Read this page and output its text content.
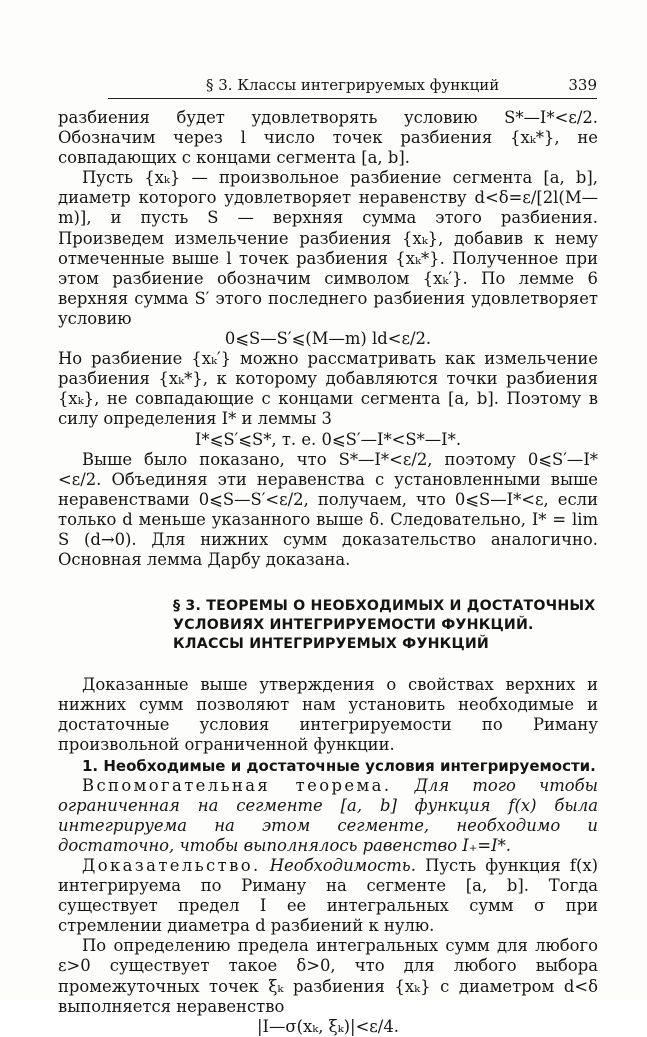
§ 3. Классы интегрируемых функций	339

разбиения будет удовлетворять условию S*—I*<ε/2. Обозначим через l число точек разбиения {xₖ*}, не совпадающих с концами сегмента [a, b].

Пусть {xₖ} — произвольное разбиение сегмента [a, b], диаметр которого удовлетворяет неравенству d<δ=ε/[2l(M—m)], и пусть S — верхняя сумма этого разбиения. Произведем измельчение разбиения {xₖ}, добавив к нему отмеченные выше l точек разбиения {xₖ*}. Полученное при этом разбиение обозначим символом {xₖ′}. По лемме 6 верхняя сумма S′ этого последнего разбиения удовлетворяет условию

0⩽S—S′⩽(M—m) ld<ε/2.

Но разбиение {xₖ′} можно рассматривать как измельчение разбиения {xₖ*}, к которому добавляются точки разбиения {xₖ}, не совпадающие с концами сегмента [a, b]. Поэтому в силу определения I* и леммы 3

I*⩽S′⩽S*, т. е. 0⩽S′—I*<S*—I*.

Выше было показано, что S*—I*<ε/2, поэтому 0⩽S′—I*<ε/2. Объединяя эти неравенства с установленными выше неравенствами 0⩽S—S′<ε/2, получаем, что 0⩽S—I*<ε, если только d меньше указанного выше δ. Следовательно, I* = lim S (d→0). Для нижних сумм доказательство аналогично. Основная лемма Дарбу доказана.

§ 3. ТЕОРЕМЫ О НЕОБХОДИМЫХ И ДОСТАТОЧНЫХ
УСЛОВИЯХ ИНТЕГРИРУЕМОСТИ ФУНКЦИЙ.
КЛАССЫ ИНТЕГРИРУЕМЫХ ФУНКЦИЙ

Доказанные выше утверждения о свойствах верхних и нижних сумм позволяют нам установить необходимые и достаточные условия интегрируемости по Риману произвольной ограниченной функции.

1. Необходимые и достаточные условия интегрируемости.

Вспомогательная теорема. Для того чтобы ограниченная на сегменте [a, b] функция f(x) была интегрируема на этом сегменте, необходимо и достаточно, чтобы выполнялось равенство I₊=I*.

Доказательство. Необходимость. Пусть функция f(x) интегрируема по Риману на сегменте [a, b]. Тогда существует предел I ее интегральных сумм σ при стремлении диаметра d разбиений к нулю.

По определению предела интегральных сумм для любого ε>0 существует такое δ>0, что для любого выбора промежуточных точек ξₖ разбиения {xₖ} с диаметром d<δ выполняется неравенство

|I—σ(xₖ, ξₖ)|<ε/4.
